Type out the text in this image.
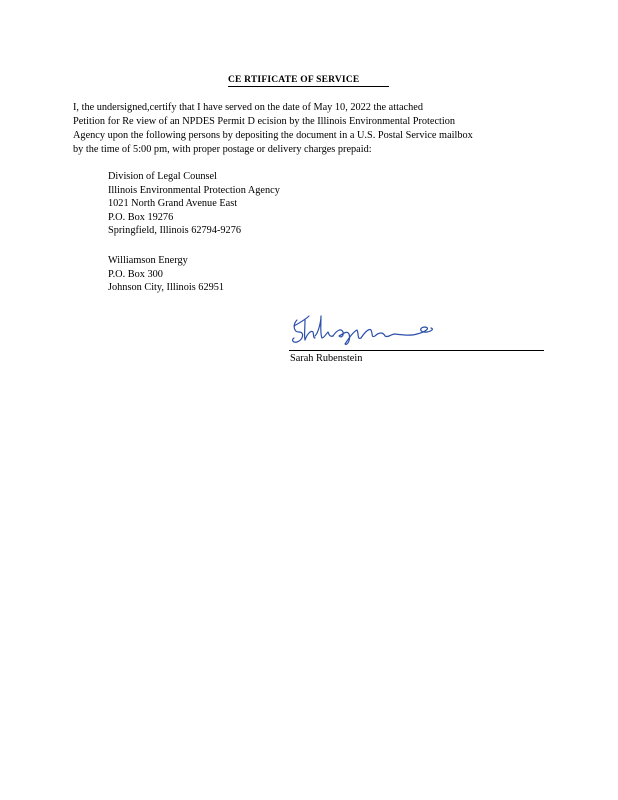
CE RTIFICATE OF SERVICE
I, the undersigned,certify that I have served on the date of May 10, 2022 the attached
Petition for Re view of an NPDES Permit D ecision by the Illinois Environmental Protection
Agency upon the following persons by depositing the document in a U.S. Postal Service mailbox
by the time of 5:00 pm, with proper postage or delivery charges prepaid:
Division of Legal Counsel
Illinois Environmental Protection Agency
1021 North Grand Avenue East
P.O. Box 19276
Springfield, Illinois 62794-9276
Williamson Energy
P.O. Box 300
Johnson City, Illinois 62951
Sarah Rubenstein
